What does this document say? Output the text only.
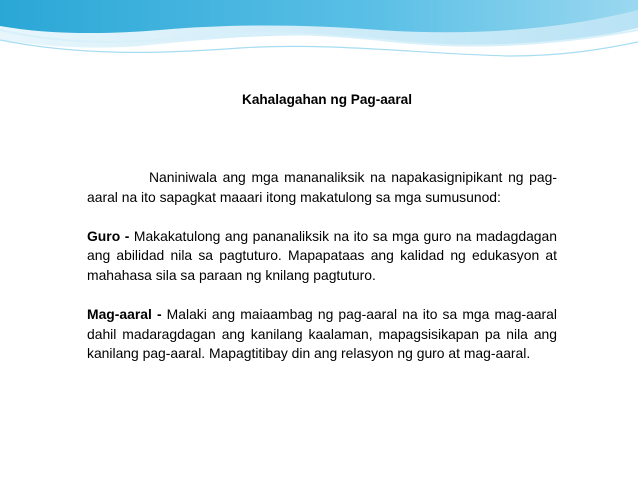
Kahalagahan ng Pag-aaral

Naniniwala ang mga mananaliksik na napakasignipikant ng pag-aaral na ito sapagkat maaari itong makatulong sa mga sumusunod:

Guro - Makakatulong ang pananaliksik na ito sa mga guro na madagdagan ang abilidad nila sa pagtuturo. Mapapataas ang kalidad ng edukasyon at mahahasa sila sa paraan ng knilang pagtuturo.

Mag-aaral - Malaki ang maiaambag ng pag-aaral na ito sa mga mag-aaral dahil madaragdagan ang kanilang kaalaman, mapagsisikapan pa nila ang kanilang pag-aaral. Mapagtitibay din ang relasyon ng guro at mag-aaral.
